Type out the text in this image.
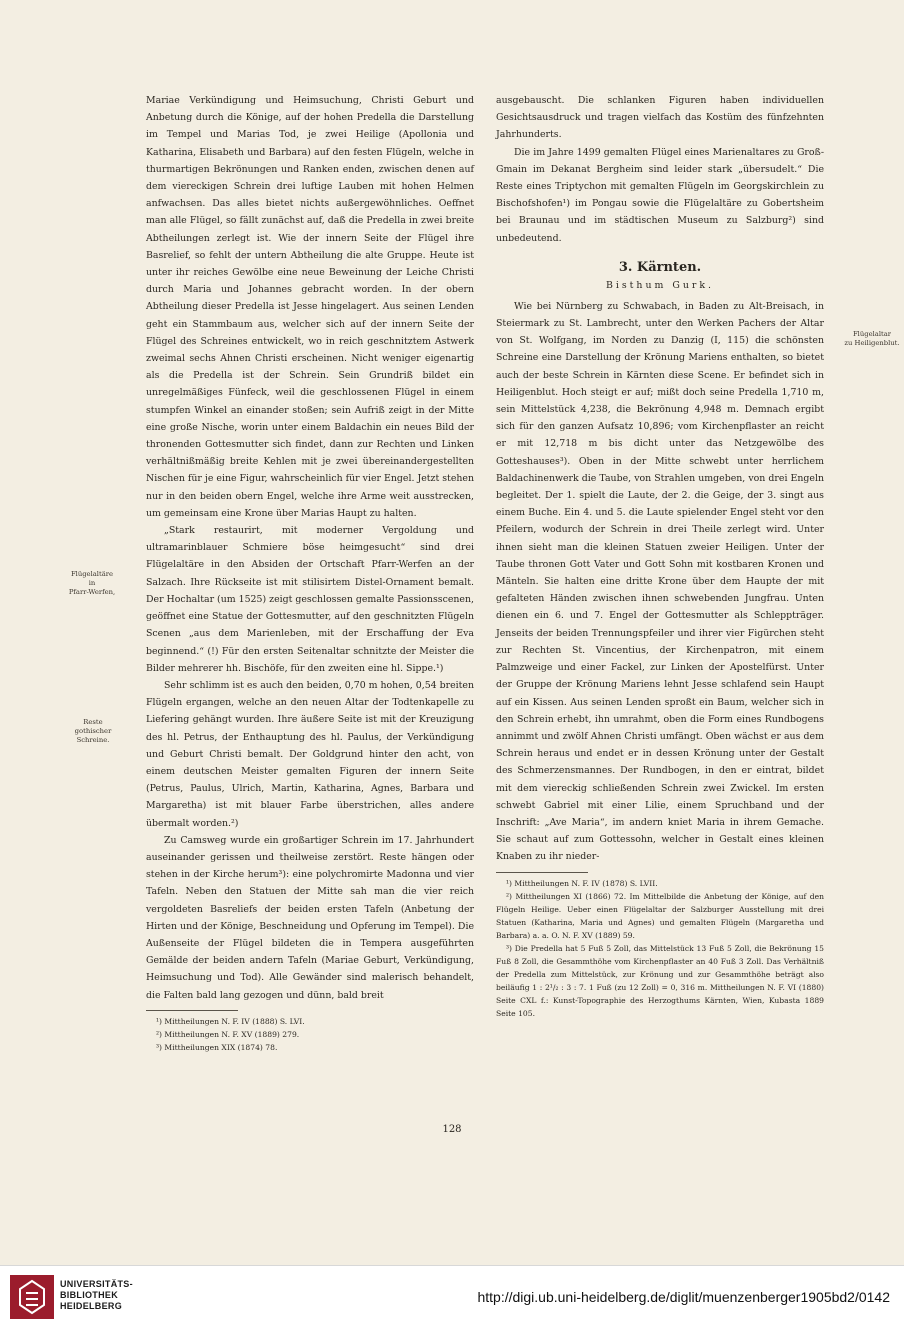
Mariae Verkündigung und Heimsuchung, Christi Geburt und Anbetung durch die Könige, auf der hohen Predella die Darstellung im Tempel und Marias Tod, je zwei Heilige (Apollonia und Katharina, Elisabeth und Barbara) auf den festen Flügeln, welche in thurmartigen Bekrönungen und Ranken enden, zwischen denen auf dem viereckigen Schrein drei luftige Lauben mit hohen Helmen anfwachsen. Das alles bietet nichts außergewöhnliches. Oeffnet man alle Flügel, so fällt zunächst auf, daß die Predella in zwei breite Abtheilungen zerlegt ist. Wie der innern Seite der Flügel ihre Basrelief, so fehlt der untern Abtheilung die alte Gruppe. Heute ist unter ihr reiches Gewölbe eine neue Beweinung der Leiche Christi durch Maria und Johannes gebracht worden. In der obern Abtheilung dieser Predella ist Jesse hingelagert. Aus seinen Lenden geht ein Stammbaum aus, welcher sich auf der innern Seite der Flügel des Schreines entwickelt, wo in reich geschnitztem Astwerk zweimal sechs Ahnen Christi erscheinen. Nicht weniger eigenartig als die Predella ist der Schrein. Sein Grundriß bildet ein unregelmäßiges Fünfeck, weil die geschlossenen Flügel in einem stumpfen Winkel an einander stoßen; sein Aufriß zeigt in der Mitte eine große Nische, worin unter einem Baldachin ein neues Bild der thronenden Gottesmutter sich findet, dann zur Rechten und Linken verhältnißmäßig breite Kehlen mit je zwei übereinandergestellten Nischen für je eine Figur, wahrscheinlich für vier Engel. Jetzt stehen nur in den beiden obern Engel, welche ihre Arme weit ausstrecken, um gemeinsam eine Krone über Marias Haupt zu halten.

„Stark restaurirt, mit moderner Vergoldung und ultramarinblauer Schmiere böse heimgesucht“ sind drei Flügelaltäre in den Absiden der Ortschaft Pfarr-Werfen an der Salzach. Ihre Rückseite ist mit stilisirtem Distel-Ornament bemalt. Der Hochaltar (um 1525) zeigt geschlossen gemalte Passionsscenen, geöffnet eine Statue der Gottesmutter, auf den geschnitzten Flügeln Scenen „aus dem Marienleben, mit der Erschaffung der Eva beginnend.“ (!) Für den ersten Seitenaltar schnitzte der Meister die Bilder mehrerer hh. Bischöfe, für den zweiten eine hl. Sippe.¹)

Sehr schlimm ist es auch den beiden, 0,70 m hohen, 0,54 breiten Flügeln ergangen, welche an den neuen Altar der Todtenkapelle zu Liefering gehängt wurden. Ihre äußere Seite ist mit der Kreuzigung des hl. Petrus, der Enthauptung des hl. Paulus, der Verkündigung und Geburt Christi bemalt. Der Goldgrund hinter den acht, von einem deutschen Meister gemalten Figuren der innern Seite (Petrus, Paulus, Ulrich, Martin, Katharina, Agnes, Barbara und Margaretha) ist mit blauer Farbe überstrichen, alles andere übermalt worden.²)

Zu Camsweg wurde ein großartiger Schrein im 17. Jahrhundert auseinander gerissen und theilweise zerstört. Reste hängen oder stehen in der Kirche herum³): eine polychromirte Madonna und vier Tafeln. Neben den Statuen der Mitte sah man die vier reich vergoldeten Basreliefs der beiden ersten Tafeln (Anbetung der Hirten und der Könige, Beschneidung und Opferung im Tempel). Die Außenseite der Flügel bildeten die in Tempera ausgeführten Gemälde der beiden andern Tafeln (Mariae Geburt, Verkündigung, Heimsuchung und Tod). Alle Gewänder sind malerisch behandelt, die Falten bald lang gezogen und dünn, bald breit

¹) Mittheilungen N. F. IV (1888) S. LVI.

²) Mittheilungen N. F. XV (1889) 279.

³) Mittheilungen XIX (1874) 78.

ausgebauscht. Die schlanken Figuren haben individuellen Gesichtsausdruck und tragen vielfach das Kostüm des fünfzehnten Jahrhunderts.

Die im Jahre 1499 gemalten Flügel eines Marienaltares zu Groß-Gmain im Dekanat Bergheim sind leider stark „übersudelt.“ Die Reste eines Triptychon mit gemalten Flügeln im Georgskirchlein zu Bischofshofen¹) im Pongau sowie die Flügelaltäre zu Gobertsheim bei Braunau und im städtischen Museum zu Salzburg²) sind unbedeutend.

3. Kärnten.
Bisthum Gurk.

Wie bei Nürnberg zu Schwabach, in Baden zu Alt-Breisach, in Steiermark zu St. Lambrecht, unter den Werken Pachers der Altar von St. Wolfgang, im Norden zu Danzig (I, 115) die schönsten Schreine eine Darstellung der Krönung Mariens enthalten, so bietet auch der beste Schrein in Kärnten diese Scene. Er befindet sich in Heiligenblut. Hoch steigt er auf; mißt doch seine Predella 1,710 m, sein Mittelstück 4,238, die Bekrönung 4,948 m. Demnach ergibt sich für den ganzen Aufsatz 10,896; vom Kirchenpflaster an reicht er mit 12,718 m bis dicht unter das Netzgewölbe des Gotteshauses³). Oben in der Mitte schwebt unter herrlichem Baldachinenwerk die Taube, von Strahlen umgeben, von drei Engeln begleitet. Der 1. spielt die Laute, der 2. die Geige, der 3. singt aus einem Buche. Ein 4. und 5. die Laute spielender Engel steht vor den Pfeilern, wodurch der Schrein in drei Theile zerlegt wird. Unter ihnen sieht man die kleinen Statuen zweier Heiligen. Unter der Taube thronen Gott Vater und Gott Sohn mit kostbaren Kronen und Mänteln. Sie halten eine dritte Krone über dem Haupte der mit gefalteten Händen zwischen ihnen schwebenden Jungfrau. Unten dienen ein 6. und 7. Engel der Gottesmutter als Schleppträger. Jenseits der beiden Trennungspfeiler und ihrer vier Figürchen steht zur Rechten St. Vincentius, der Kirchenpatron, mit einem Palmzweige und einer Fackel, zur Linken der Apostelfürst. Unter der Gruppe der Krönung Mariens lehnt Jesse schlafend sein Haupt auf ein Kissen. Aus seinen Lenden sproßt ein Baum, welcher sich in den Schrein erhebt, ihn umrahmt, oben die Form eines Rundbogens annimmt und zwölf Ahnen Christi umfängt. Oben wächst er aus dem Schrein heraus und endet er in dessen Krönung unter der Gestalt des Schmerzensmannes. Der Rundbogen, in den er eintrat, bildet mit dem viereckig schließenden Schrein zwei Zwickel. Im ersten schwebt Gabriel mit einer Lilie, einem Spruchband und der Inschrift: „Ave Maria“, im andern kniet Maria in ihrem Gemache. Sie schaut auf zum Gottessohn, welcher in Gestalt eines kleinen Knaben zu ihr nieder-

¹) Mittheilungen N. F. IV (1878) S. LVII.

²) Mittheilungen XI (1866) 72. Im Mittelbilde die Anbetung der Könige, auf den Flügeln Heilige. Ueber einen Flügelaltar der Salzburger Ausstellung mit drei Statuen (Katharina, Maria und Agnes) und gemalten Flügeln (Margaretha und Barbara) a. a. O. N. F. XV (1889) 59.

³) Die Predella hat 5 Fuß 5 Zoll, das Mittelstück 13 Fuß 5 Zoll, die Bekrönung 15 Fuß 8 Zoll, die Gesammthöhe vom Kirchenpflaster an 40 Fuß 3 Zoll. Das Verhältniß der Predella zum Mittelstück, zur Krönung und zur Gesammthöhe beträgt also beiläufig 1 : 2¹/₂ : 3 : 7. 1 Fuß (zu 12 Zoll) = 0, 316 m. Mittheilungen N. F. VI (1880) Seite CXL f.: Kunst-Topographie des Herzogthums Kärnten, Wien, Kubasta 1889 Seite 105.

Flügelaltäre
in
Pfarr-Werfen,
Reste
gothischer
Schreine.
Flügelaltar
zu Heiligenblut.
128
UNIVERSITÄTS-
BIBLIOTHEK
HEIDELBERG
http://digi.ub.uni-heidelberg.de/diglit/muenzenberger1905bd2/0142
